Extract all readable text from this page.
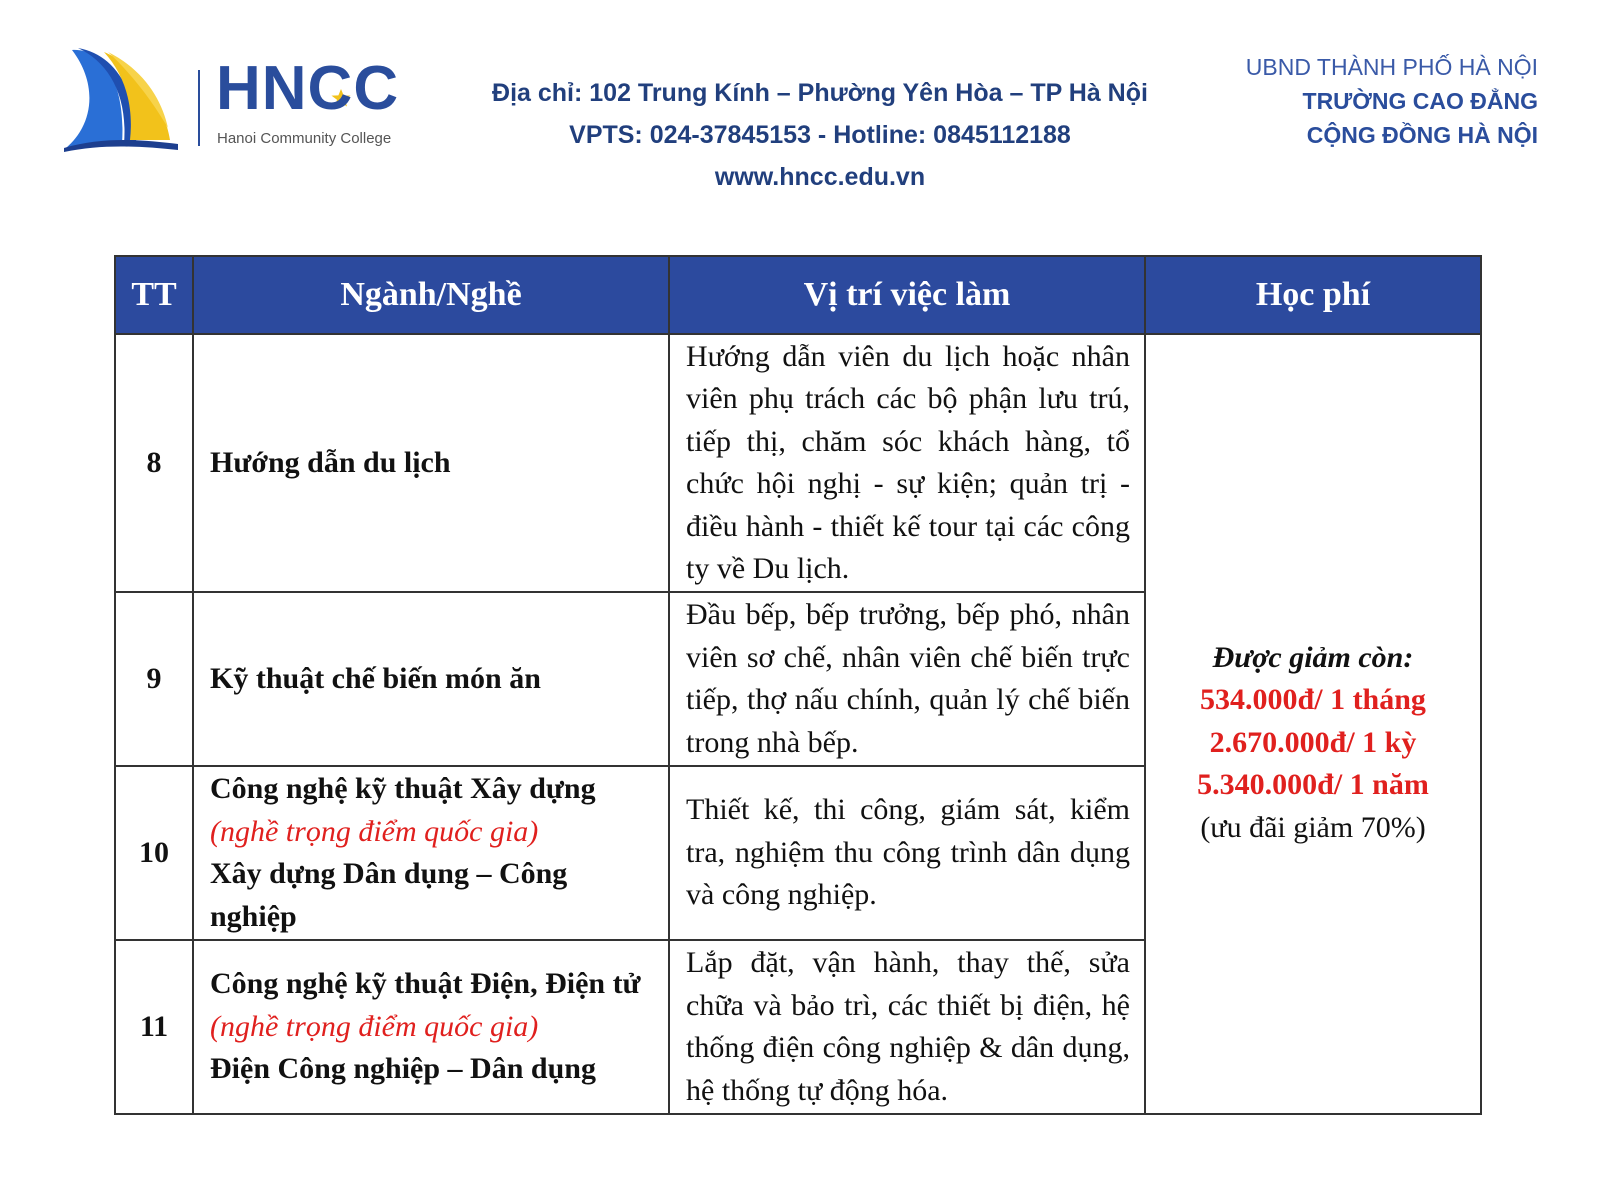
HNCC
Hanoi Community College
Địa chỉ: 102 Trung Kính – Phường Yên Hòa – TP Hà Nội
VPTS: 024-37845153 - Hotline: 0845112188
www.hncc.edu.vn
UBND THÀNH PHỐ HÀ NỘI
TRƯỜNG CAO ĐẲNG
CỘNG ĐỒNG HÀ NỘI
TT	Ngành/Nghề	Vị trí việc làm	Học phí
8	Hướng dẫn du lịch	Hướng dẫn viên du lịch hoặc nhân viên phụ trách các bộ phận lưu trú, tiếp thị, chăm sóc khách hàng, tổ chức hội nghị - sự kiện; quản trị - điều hành - thiết kế tour tại các công ty về Du lịch.	Được giảm còn:
534.000đ/ 1 tháng
2.670.000đ/ 1 kỳ
5.340.000đ/ 1 năm
(ưu đãi giảm 70%)

9	Kỹ thuật chế biến món ăn	Đầu bếp, bếp trưởng, bếp phó, nhân viên sơ chế, nhân viên chế biến trực tiếp, thợ nấu chính, quản lý chế biến trong nhà bếp.	
10	Công nghệ kỹ thuật Xây dựng
(nghề trọng điểm quốc gia)
Xây dựng Dân dụng – Công nghiệp	Thiết kế, thi công, giám sát, kiểm tra, nghiệm thu công trình dân dụng và công nghiệp.	
11	Công nghệ kỹ thuật Điện, Điện tử (nghề trọng điểm quốc gia)
Điện Công nghiệp – Dân dụng	Lắp đặt, vận hành, thay thế, sửa chữa và bảo trì, các thiết bị điện, hệ thống điện công nghiệp & dân dụng, hệ thống tự động hóa.	
